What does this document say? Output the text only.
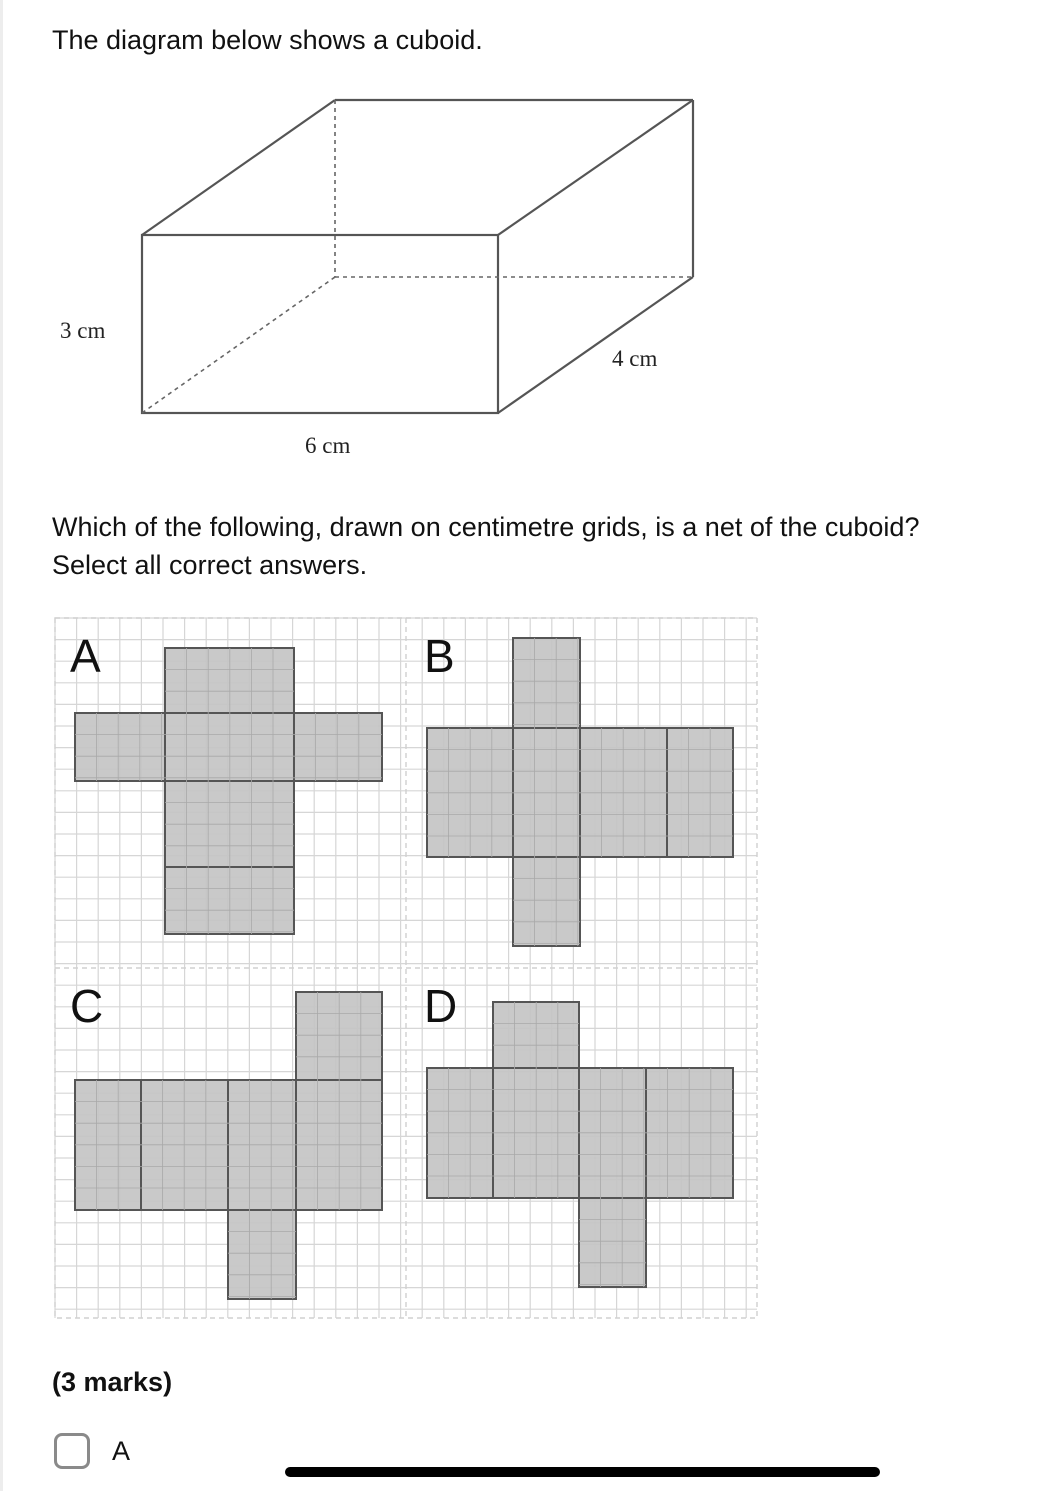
The diagram below shows a cuboid.

3 cm
4 cm
6 cm

Which of the following, drawn on centimetre grids, is a net of the cuboid?
Select all correct answers.

A	B
C	D

(3 marks)

A
